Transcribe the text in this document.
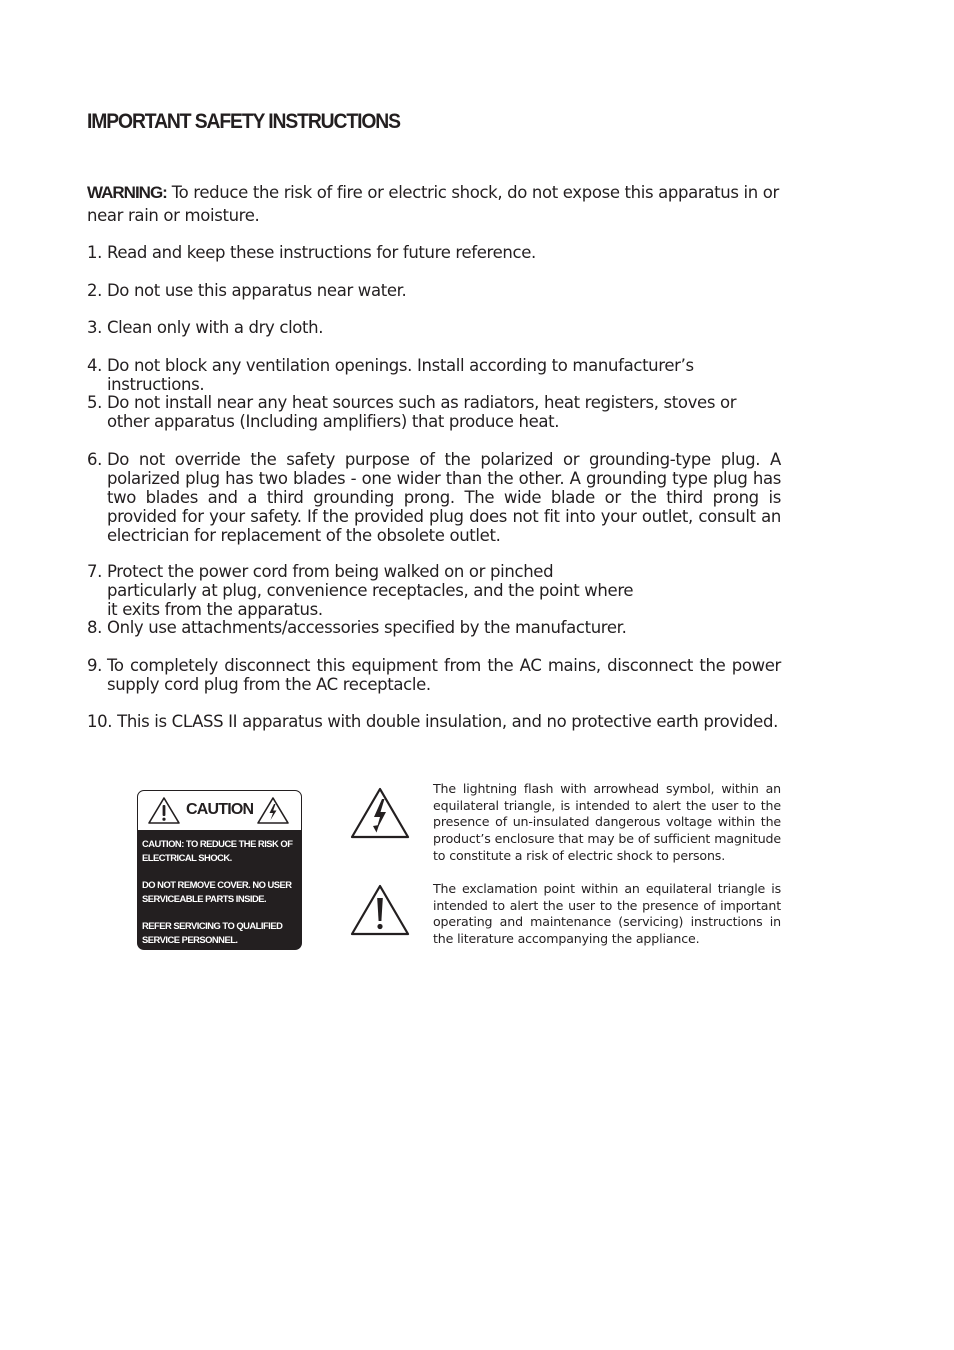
IMPORTANT SAFETY INSTRUCTIONS

WARNING: To reduce the risk of fire or electric shock, do not expose this apparatus in or near rain or moisture.

1. Read and keep these instructions for future reference.
2. Do not use this apparatus near water.
3. Clean only with a dry cloth.
4. Do not block any ventilation openings. Install according to manufacturer’s instructions.
5. Do not install near any heat sources such as radiators, heat registers, stoves or other apparatus (Including amplifiers) that produce heat.
6. Do not override the safety purpose of the polarized or grounding-type plug. A polarized plug has two blades - one wider than the other. A grounding type plug has two blades and a third grounding prong. The wide blade or the third prong is provided for your safety. If the provided plug does not fit into your outlet, consult an electrician for replacement of the obsolete outlet.
7. Protect the power cord from being walked on or pinched particularly at plug, convenience receptacles, and the point where it exits from the apparatus.
8. Only use attachments/accessories specified by the manufacturer.
9. To completely disconnect this equipment from the AC mains, disconnect the power supply cord plug from the AC receptacle.
10. This is CLASS II apparatus with double insulation, and no protective earth provided.
CAUTION

CAUTION: TO REDUCE THE RISK OF ELECTRICAL SHOCK.

DO NOT REMOVE COVER. NO USER SERVICEABLE PARTS INSIDE.

REFER SERVICING TO QUALIFIED SERVICE PERSONNEL.

The lightning flash with arrowhead symbol, within an equilateral triangle, is intended to alert the user to the presence of un-insulated dangerous voltage within the product’s enclosure that may be of sufficient magnitude to constitute a risk of electric shock to persons.

The exclamation point within an equilateral triangle is intended to alert the user to the presence of important operating and maintenance (servicing) instructions in the literature accompanying the appliance.
